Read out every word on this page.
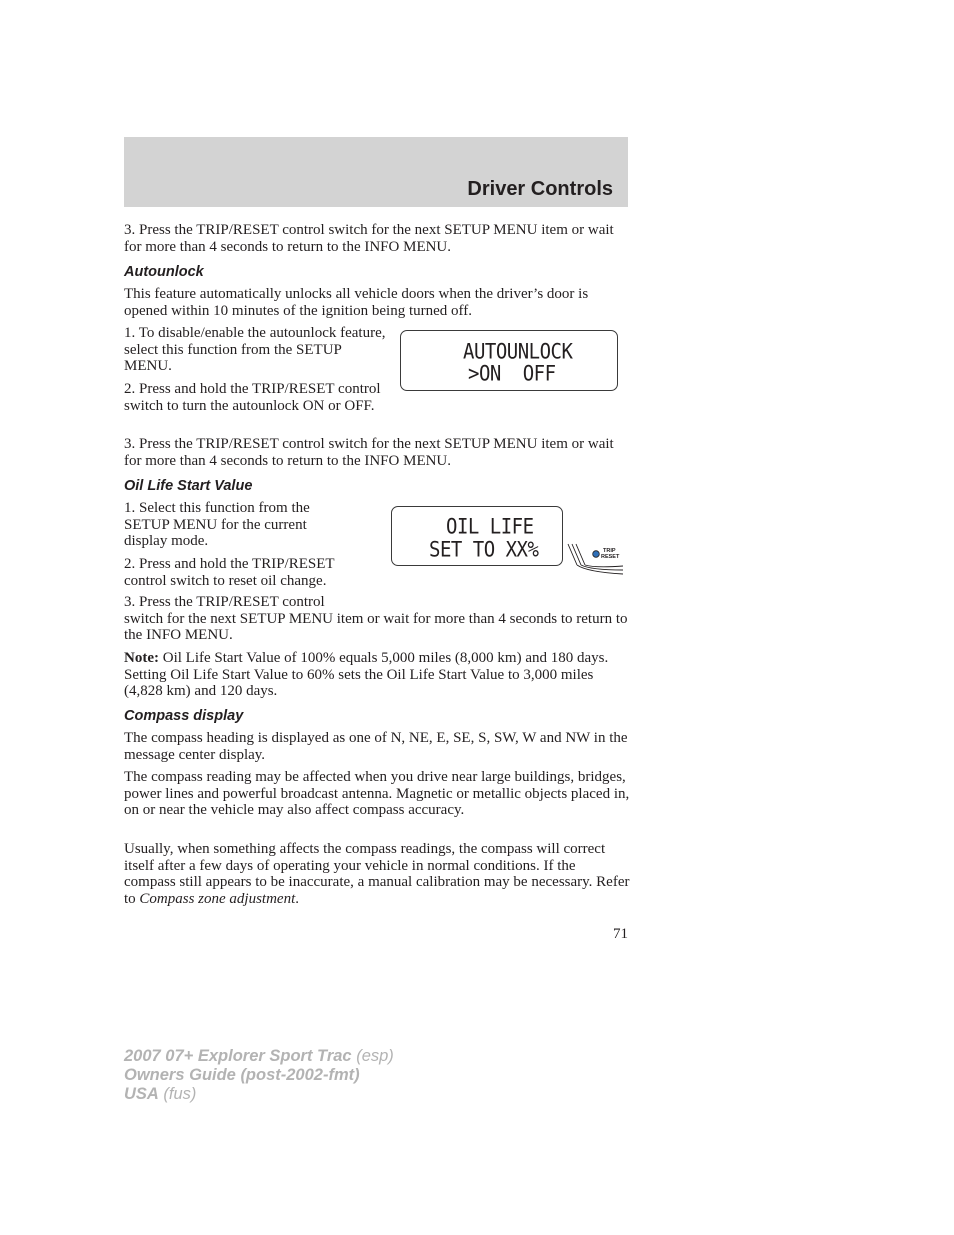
Driver Controls

3. Press the TRIP/RESET control switch for the next SETUP MENU item or wait for more than 4 seconds to return to the INFO MENU.

Autounlock

This feature automatically unlocks all vehicle doors when the driver’s door is opened within 10 minutes of the ignition being turned off.

1. To disable/enable the autounlock feature, select this function from the SETUP MENU.

2. Press and hold the TRIP/RESET control switch to turn the autounlock ON or OFF.

AUTOUNLOCK
>ON  OFF

3. Press the TRIP/RESET control switch for the next SETUP MENU item or wait for more than 4 seconds to return to the INFO MENU.

Oil Life Start Value

1. Select this function from the SETUP MENU for the current display mode.

2. Press and hold the TRIP/RESET control switch to reset oil change.

OIL LIFE
SET TO XX%	TRIP
RESET

3. Press the TRIP/RESET control
switch for the next SETUP MENU item or wait for more than 4 seconds to return to the INFO MENU.

Note: Oil Life Start Value of 100% equals 5,000 miles (8,000 km) and 180 days. Setting Oil Life Start Value to 60% sets the Oil Life Start Value to 3,000 miles (4,828 km) and 120 days.

Compass display

The compass heading is displayed as one of N, NE, E, SE, S, SW, W and NW in the message center display.

The compass reading may be affected when you drive near large buildings, bridges, power lines and powerful broadcast antenna. Magnetic or metallic objects placed in, on or near the vehicle may also affect compass accuracy.

Usually, when something affects the compass readings, the compass will correct itself after a few days of operating your vehicle in normal conditions. If the compass still appears to be inaccurate, a manual calibration may be necessary. Refer to Compass zone adjustment.

71
2007 07+ Explorer Sport Trac (esp)
Owners Guide (post-2002-fmt)
USA (fus)
